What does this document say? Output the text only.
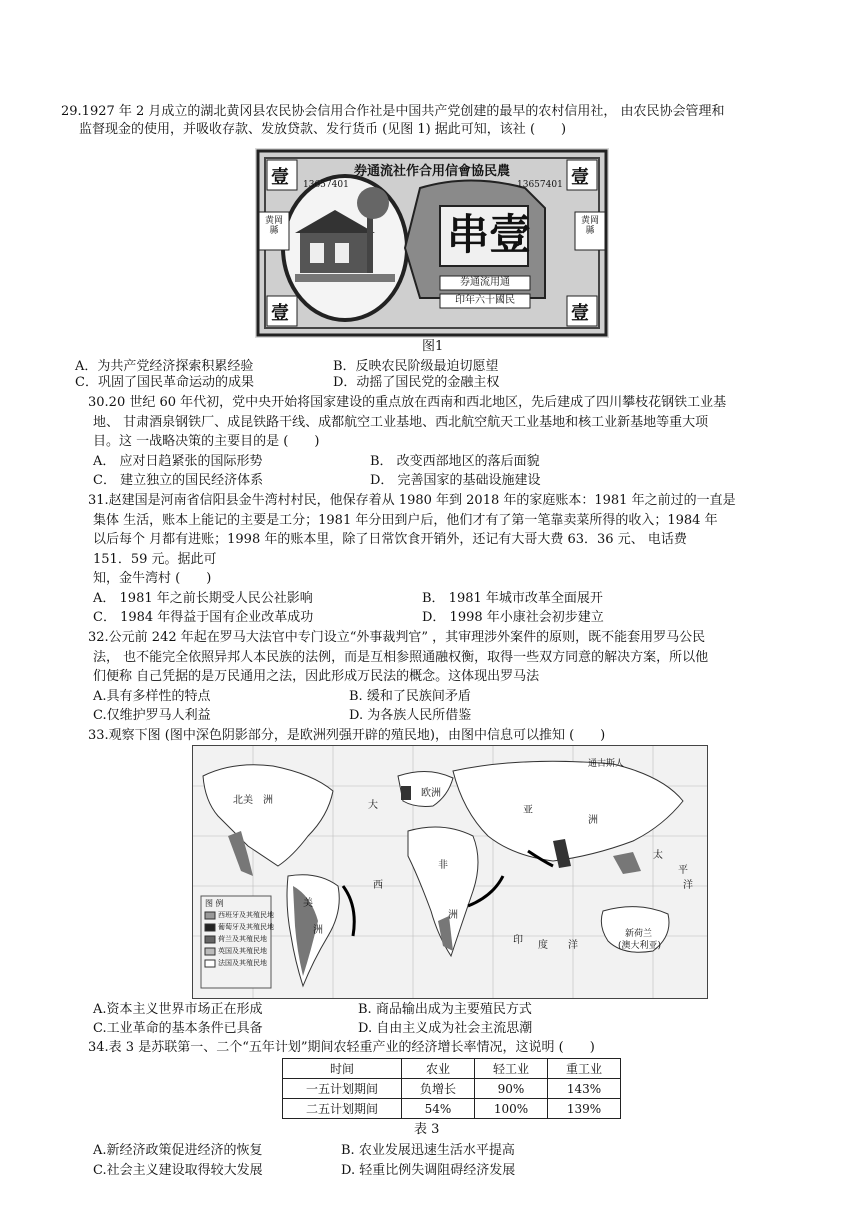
29.1927 年 2 月成立的湖北黄冈县农民协会信用合作社是中国共产党创建的最早的农村信用社， 由农民协会管理和
监督现金的使用，并吸收存款、发放贷款、发行货币 (见图 1) 据此可知，该社 (　　)
券通流社作合用信會協民農
13657401	13657401
壹	壹
壹	壹
黄岡縣
黄岡縣
串 壹
券通流用通
印年六十國民
图1
A．为共产党经济探索积累经验	B．反映农民阶级最迫切愿望
C．巩固了国民革命运动的成果	D．动摇了国民党的金融主权
30.20 世纪 60 年代初，党中央开始将国家建设的重点放在西南和西北地区，先后建成了四川攀枝花钢铁工业基
地、 甘肃酒泉钢铁厂、成昆铁路干线、成都航空工业基地、西北航空航天工业基地和核工业新基地等重大项
目。这 一战略决策的主要目的是 (　　)
A． 应对日趋紧张的国际形势	B． 改变西部地区的落后面貌
C． 建立独立的国民经济体系	D． 完善国家的基础设施建设
31.赵建国是河南省信阳县金牛湾村村民，他保存着从 1980 年到 2018 年的家庭账本：1981 年之前过的一直是
集体 生活，账本上能记的主要是工分；1981 年分田到户后，他们才有了第一笔靠卖菜所得的收入；1984 年
以后每个 月都有进账；1998 年的账本里，除了日常饮食开销外，还记有大哥大费 63．36 元、 电话费
151．59 元。据此可
知，金牛湾村 (　　)
A． 1981 年之前长期受人民公社影响	B． 1981 年城市改革全面展开
C． 1984 年得益于国有企业改革成功	D． 1998 年小康社会初步建立
32.公元前 242 年起在罗马大法官中专门设立“外事裁判官” ，其审理涉外案件的原则，既不能套用罗马公民
法， 也不能完全依照异邦人本民族的法例，而是互相参照通融权衡，取得一些双方同意的解决方案，所以他
们便称 自己凭据的是万民通用之法，因此形成万民法的概念。这体现出罗马法
A.具有多样性的特点	B. 缓和了民族间矛盾
C.仅维护罗马人利益	D. 为各族人民所借鉴
33.观察下图 (图中深色阴影部分，是欧洲列强开辟的殖民地)，由图中信息可以推知 (　　)
北美 洲	大
西
欧洲
亚
洲
非
洲
太
平
洋
印 度 洋
新荷兰
(澳大利亚)
通古斯人
美
洲
图 例
西班牙及其殖民地
葡萄牙及其殖民地
荷兰及其殖民地
英国及其殖民地
法国及其殖民地
A.资本主义世界市场正在形成	B. 商品输出成为主要殖民方式
C.工业革命的基本条件已具备	D. 自由主义成为社会主流思潮
34.表 3 是苏联第一、二个“五年计划”期间农轻重产业的经济增长率情况，这说明 (　　)
时间	农业	轻工业	重工业
一五计划期间	负增长	90%	143%
二五计划期间	54%	100%	139%
表 3
A.新经济政策促进经济的恢复	B. 农业发展迅速生活水平提高
C.社会主义建设取得较大发展	D. 轻重比例失调阻碍经济发展
